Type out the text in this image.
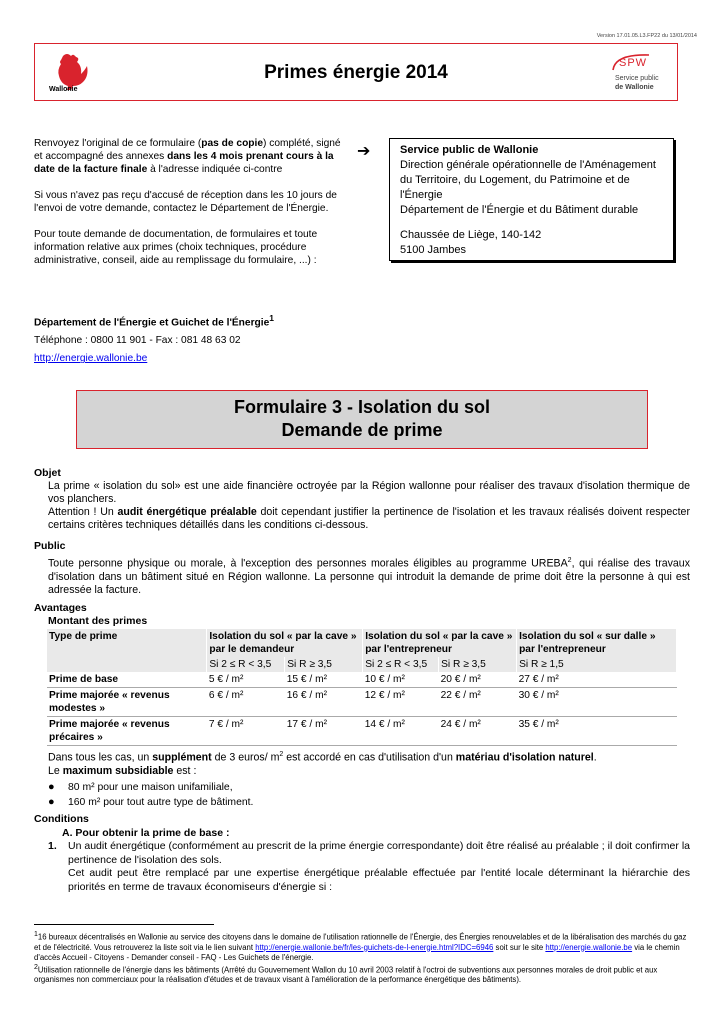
Version 17.01.05.L3.FP22 du 13/01/2014
Wallonie
Primes énergie 2014	SPW
Service public
de Wallonie

Renvoyez l'original de ce formulaire (pas de copie) complété, signé et accompagné des annexes dans les 4 mois prenant cours à la date de la facture finale à l'adresse indiquée ci-contre

Si vous n'avez pas reçu d'accusé de réception dans les 10 jours de l'envoi de votre demande, contactez le Département de l'Énergie.

Pour toute demande de documentation, de formulaires et toute information relative aux primes (choix techniques, procédure administrative, conseil, aide au remplissage du formulaire, ...) :

➔	Service public de Wallonie
Direction générale opérationnelle de l'Aménagement du Territoire, du Logement, du Patrimoine et de l'Énergie
Département de l'Énergie et du Bâtiment durable
Chaussée de Liège, 140-142
5100 Jambes
Département de l'Énergie et Guichet de l'Énergie$^1$
Téléphone : 0800 11 901 - Fax : 081 48 63 02
http://energie.wallonie.be
Formulaire 3 - Isolation du sol
Demande de prime
Objet

La prime « isolation du sol» est une aide financière octroyée par la Région wallonne pour réaliser des travaux d'isolation thermique de vos planchers.

Attention ! Un audit énergétique préalable doit cependant justifier la pertinence de l'isolation et les travaux réalisés doivent respecter certains critères techniques détaillés dans les conditions ci-dessous.

Public
Toute personne physique ou morale, à l'exception des personnes morales éligibles au programme UREBA$^2$, qui réalise des travaux d'isolation dans un bâtiment situé en Région wallonne. La personne qui introduit la demande de prime doit être la personne à qui est adressée la facture.
Avantages
Montant des primes
Type de prime	Isolation du sol « par la cave » par le demandeur		Isolation du sol « par la cave » par l'entrepreneur		Isolation du sol « sur dalle » par l'entrepreneur
	Si 2 ≤ R < 3,5	Si R ≥ 3,5	Si 2 ≤ R < 3,5	Si R ≥ 3,5	Si R ≥ 1,5
Prime de base	5 € / m²	15 € / m²	10 € / m²	20 € / m²	27 € / m²
Prime majorée « revenus modestes »	6 € / m²	16 € / m²	12 € / m²	22 € / m²	30 € / m²
Prime majorée « revenus précaires »	7 € / m²	17 € / m²	14 € / m²	24 € / m²	35 € / m²
Dans tous les cas, un supplément de 3 euros/ $m^2$ est accordé en cas d'utilisation d'un matériau d'isolation naturel.
Le maximum subsidiable est :
● 80 m² pour une maison unifamiliale,
● 160 m² pour tout autre type de bâtiment.
Conditions
A. Pour obtenir la prime de base :
1.	Un audit énergétique (conformément au prescrit de la prime énergie correspondante) doit être réalisé au préalable ; il doit confirmer la pertinence de l'isolation des sols.
Cet audit peut être remplacé par une expertise énergétique préalable effectuée par l'entité locale déterminant la hiérarchie des priorités en terme de travaux économiseurs d'énergie si :
$^1$16 bureaux décentralisés en Wallonie au service des citoyens dans le domaine de l'utilisation rationnelle de l'Énergie, des Énergies renouvelables et de la libéralisation des marchés du gaz et de l'électricité. Vous retrouverez la liste soit via le lien suivant http://energie.wallonie.be/fr/les-guichets-de-l-energie.html?IDC=6946 soit sur le site http://energie.wallonie.be via le chemin d'accès Accueil - Citoyens - Demander conseil - FAQ - Les Guichets de l'énergie.
$^2$Utilisation rationnelle de l'énergie dans les bâtiments (Arrêté du Gouvernement Wallon du 10 avril 2003 relatif à l'octroi de subventions aux personnes morales de droit public et aux organismes non commerciaux pour la réalisation d'études et de travaux visant à l'amélioration de la performance énergétique des bâtiments).
